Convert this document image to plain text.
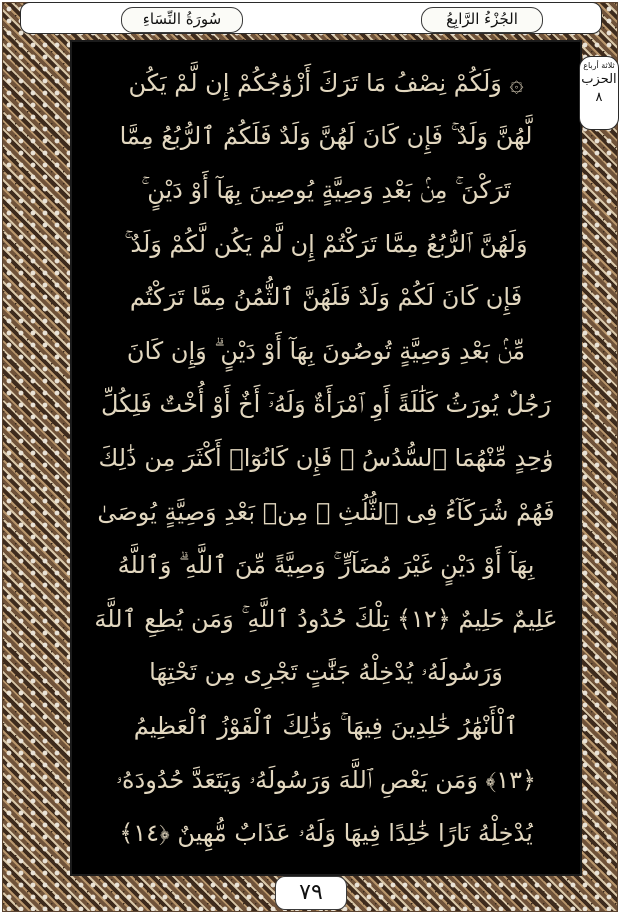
سُورَةُ النِّسَاءِ	الجُزْءُ الرَّابِعُ
۞ وَلَكُمْ نِصْفُ مَا تَرَكَ أَزْوَٰجُكُمْ إِن لَّمْ يَكُن
لَّهُنَّ وَلَدٌ ۚ فَإِن كَانَ لَهُنَّ وَلَدٌ فَلَكُمُ ٱلرُّبُعُ مِمَّا
تَرَكْنَ ۚ مِنۢ بَعْدِ وَصِيَّةٍ يُوصِينَ بِهَآ أَوْ دَيْنٍ ۚ
وَلَهُنَّ ٱلرُّبُعُ مِمَّا تَرَكْتُمْ إِن لَّمْ يَكُن لَّكُمْ وَلَدٌ ۚ
فَإِن كَانَ لَكُمْ وَلَدٌ فَلَهُنَّ ٱلثُّمُنُ مِمَّا تَرَكْتُم
مِّنۢ بَعْدِ وَصِيَّةٍ تُوصُونَ بِهَآ أَوْ دَيْنٍ ۗ وَإِن كَانَ
رَجُلٌ يُورَثُ كَلَٰلَةً أَوِ ٱمْرَأَةٌ وَلَهُۥٓ أَخٌ أَوْ أُخْتٌ فَلِكُلِّ
وَٰحِدٍ مِّنْهُمَا ٱلسُّدُسُ ۚ فَإِن كَانُوٓا۟ أَكْثَرَ مِن ذَٰلِكَ
فَهُمْ شُرَكَآءُ فِى ٱلثُّلُثِ ۚ مِنۢ بَعْدِ وَصِيَّةٍ يُوصَىٰ
بِهَآ أَوْ دَيْنٍ غَيْرَ مُضَآرٍّ ۚ وَصِيَّةً مِّنَ ٱللَّهِ ۗ وَٱللَّهُ
عَلِيمٌ حَلِيمٌ ﴿١٢﴾ تِلْكَ حُدُودُ ٱللَّهِ ۚ وَمَن يُطِعِ ٱللَّهَ
وَرَسُولَهُۥ يُدْخِلْهُ جَنَّٰتٍ تَجْرِى مِن تَحْتِهَا
ٱلْأَنْهَٰرُ خَٰلِدِينَ فِيهَا ۚ وَذَٰلِكَ ٱلْفَوْزُ ٱلْعَظِيمُ
﴿١٣﴾ وَمَن يَعْصِ ٱللَّهَ وَرَسُولَهُۥ وَيَتَعَدَّ حُدُودَهُۥ
يُدْخِلْهُ نَارًا خَٰلِدًا فِيهَا وَلَهُۥ عَذَابٌ مُّهِينٌ ﴿١٤﴾
ثلاثة أرباع
الحزب
٨
٧٩
